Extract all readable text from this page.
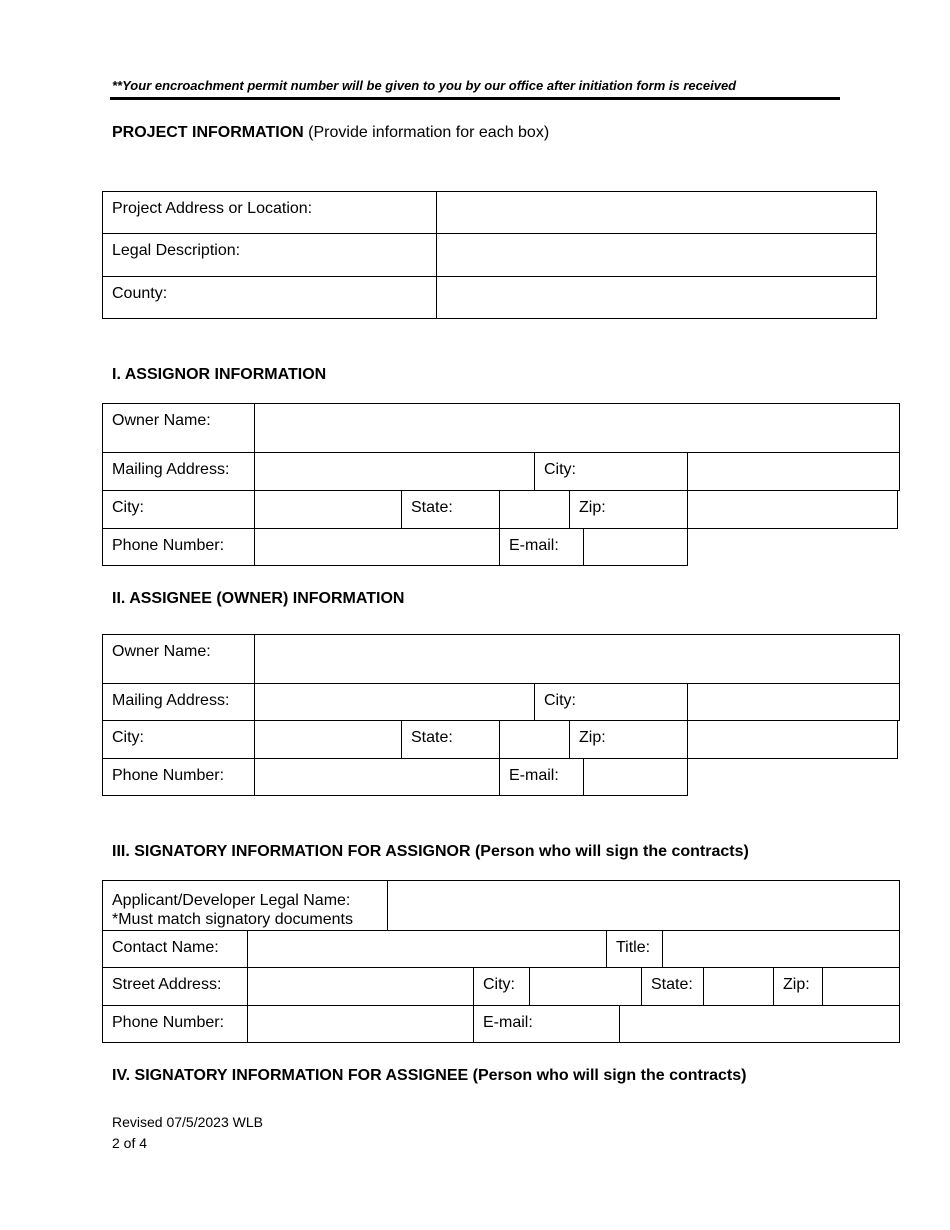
**Your encroachment permit number will be given to you by our office after initiation form is received
PROJECT INFORMATION (Provide information for each box)
Project Address or Location:
Legal Description:
County:
I. ASSIGNOR INFORMATION
Owner Name:
Mailing Address:	City:
City:	State:	Zip:
Phone Number:	E-mail:
II. ASSIGNEE (OWNER) INFORMATION
Owner Name:
Mailing Address:	City:
City:	State:	Zip:
Phone Number:	E-mail:
III. SIGNATORY INFORMATION FOR ASSIGNOR (Person who will sign the contracts)
Applicant/Developer Legal Name:
*Must match signatory documents
Contact Name:	Title:
Street Address:	City:	State:	Zip:
Phone Number:	E-mail:
IV. SIGNATORY INFORMATION FOR ASSIGNEE (Person who will sign the contracts)
Revised 07/5/2023 WLB
2 of 4
